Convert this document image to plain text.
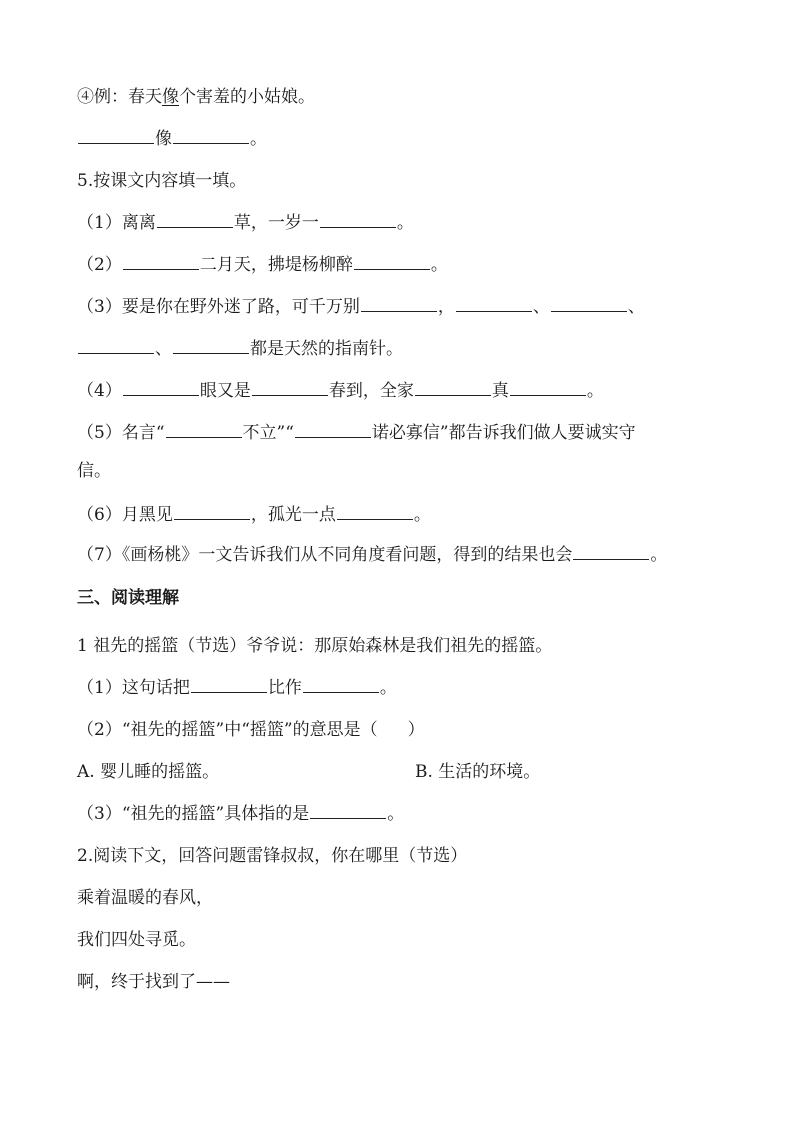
④例：春天像个害羞的小姑娘。
像	。
5.按课文内容填一填。
（1）离离	草，一岁一	。
（2）	二月天，拂堤杨柳醉	。
（3）要是你在野外迷了路，可千万别	，	、	、
、	都是天然的指南针。
（4）	眼又是	春到，全家	真	。
（5）名言“	不立”“	诺必寡信”都告诉我们做人要诚实守
信。
（6）月黑见	，孤光一点	。
（7）《画杨桃》一文告诉我们从不同角度看问题，得到的结果也会	。
三、阅读理解
1 祖先的摇篮（节选）爷爷说：那原始森林是我们祖先的摇篮。
（1）这句话把	比作	。
（2）“祖先的摇篮”中“摇篮”的意思是（ ）
A. 婴儿睡的摇篮。	B. 生活的环境。
（3）“祖先的摇篮”具体指的是	。
2.阅读下文，回答问题雷锋叔叔，你在哪里（节选）
乘着温暖的春风，
我们四处寻觅。
啊，终于找到了——
